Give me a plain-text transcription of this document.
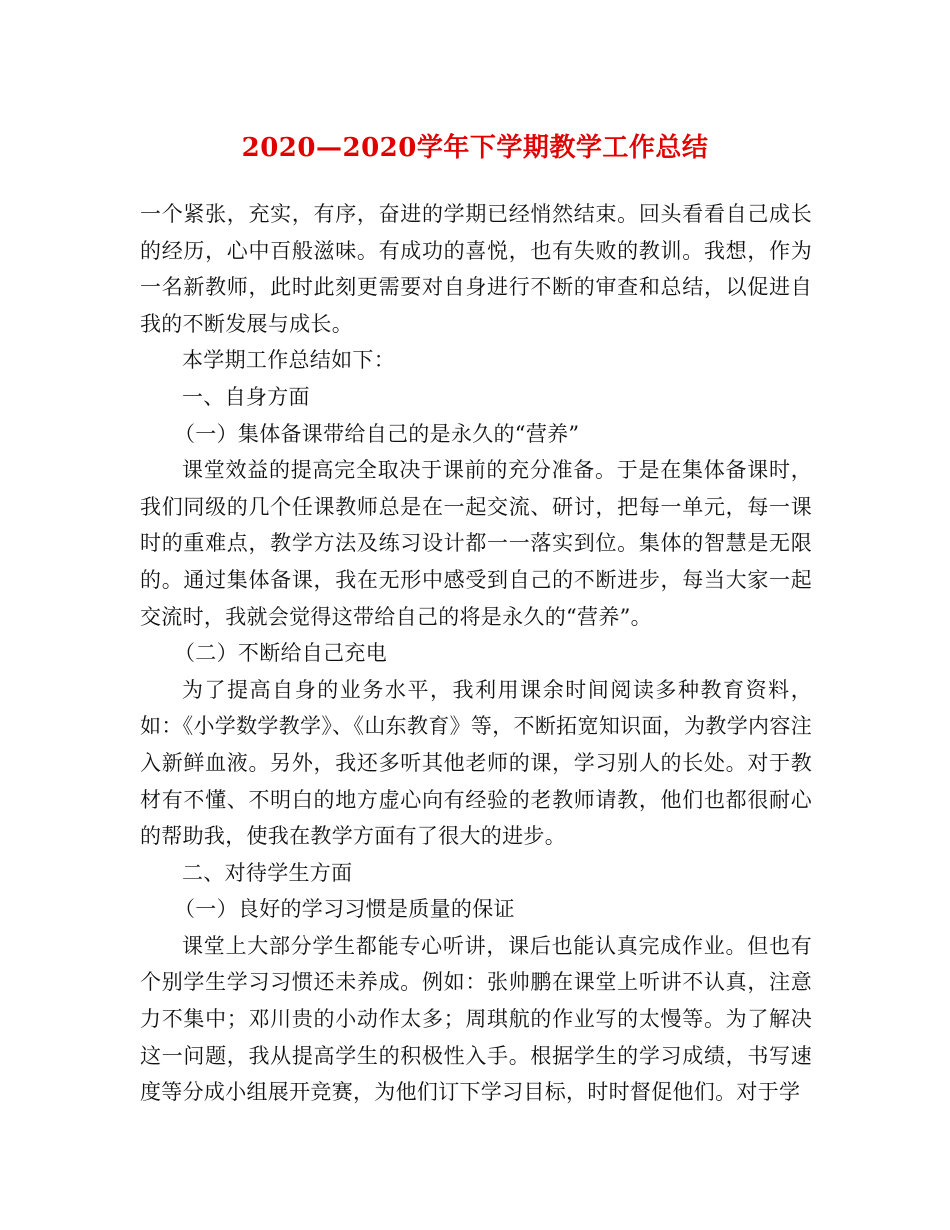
2020—2020学年下学期教学工作总结

一个紧张，充实，有序，奋进的学期已经悄然结束。回头看看自己成长的经历，心中百般滋味。有成功的喜悦，也有失败的教训。我想，作为一名新教师，此时此刻更需要对自身进行不断的审查和总结，以促进自我的不断发展与成长。

本学期工作总结如下：

一、自身方面

（一）集体备课带给自己的是永久的“营养”

课堂效益的提高完全取决于课前的充分准备。于是在集体备课时，我们同级的几个任课教师总是在一起交流、研讨，把每一单元，每一课时的重难点，教学方法及练习设计都一一落实到位。集体的智慧是无限的。通过集体备课，我在无形中感受到自己的不断进步，每当大家一起交流时，我就会觉得这带给自己的将是永久的“营养”。

（二）不断给自己充电

为了提高自身的业务水平，我利用课余时间阅读多种教育资料，如：《小学数学教学》、《山东教育》等，不断拓宽知识面，为教学内容注入新鲜血液。另外，我还多听其他老师的课，学习别人的长处。对于教材有不懂、不明白的地方虚心向有经验的老教师请教，他们也都很耐心的帮助我，使我在教学方面有了很大的进步。

二、对待学生方面

（一）良好的学习习惯是质量的保证

课堂上大部分学生都能专心听讲，课后也能认真完成作业。但也有个别学生学习习惯还未养成。例如：张帅鹏在课堂上听讲不认真，注意力不集中；邓川贵的小动作太多；周琪航的作业写的太慢等。为了解决这一问题，我从提高学生的积极性入手。根据学生的学习成绩，书写速度等分成小组展开竞赛，为他们订下学习目标，时时督促他们。对于学
